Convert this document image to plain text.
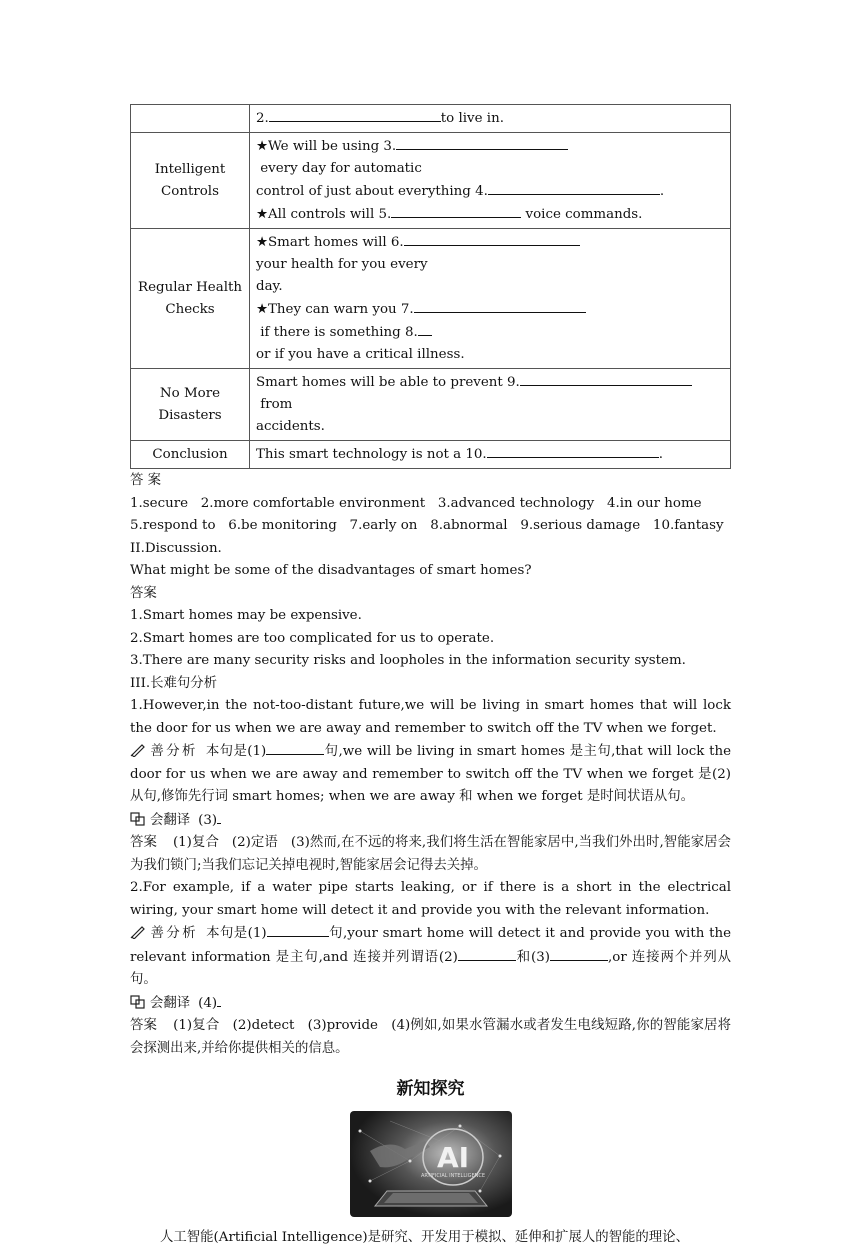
	2. to live in.

Intelligent Controls	★We will be using 3. every day for automatic
control of just about everything 4. .
★All controls will 5. voice commands.

Regular Health Checks	★Smart homes will 6.your health for you every
day.
★They can warn you 7. if there is something 8.
or if you have a critical illness.

No More Disasters	Smart homes will be able to prevent 9. from
accidents.

Conclusion	This smart technology is not a 10. .

答 案1.secure   2.more comfortable environment   3.advanced technology   4.in our home

5.respond to   6.be monitoring   7.early on   8.abnormal   9.serious damage   10.fantasy

II.Discussion.

What might be some of the disadvantages of smart homes?

答案

1.Smart homes may be expensive.

2.Smart homes are too complicated for us to operate.

3.There are many security risks and loopholes in the information security system.

III.长难句分析

1.However,in the not-too-distant future,we will be living in smart homes that will lock the door for us when we are away and remember to switch off the TV when we forget.

善分析 本句是(1)	句,we will be living in smart homes 是主句,that will lock the door for us when we are away and remember to switch off the TV when we forget 是(2)从句,修饰先行词 smart homes; when we are away 和 when we forget 是时间状语从句。

会翻译 (3)

答案 (1)复合   (2)定语   (3)然而,在不远的将来,我们将生活在智能家居中,当我们外出时,智能家居会为我们锁门;当我们忘记关掉电视时,智能家居会记得去关掉。

2.For example, if a water pipe starts leaking, or if there is a short in the electrical wiring, your smart home will detect it and provide you with the relevant information.

善分析 本句是(1)	句,your smart home will detect it and provide you with the relevant information 是主句,and 连接并列谓语(2)	和(3)	,or 连接两个并列从句。

会翻译 (4)

答案 (1)复合   (2)detect   (3)provide   (4)例如,如果水管漏水或者发生电线短路,你的智能家居将会探测出来,并给你提供相关的信息。

新知探究
AI
ARTIFICIAL INTELLIGENCE

人工智能(Artificial Intelligence)是研究、开发用于模拟、延伸和扩展人的智能的理论、
